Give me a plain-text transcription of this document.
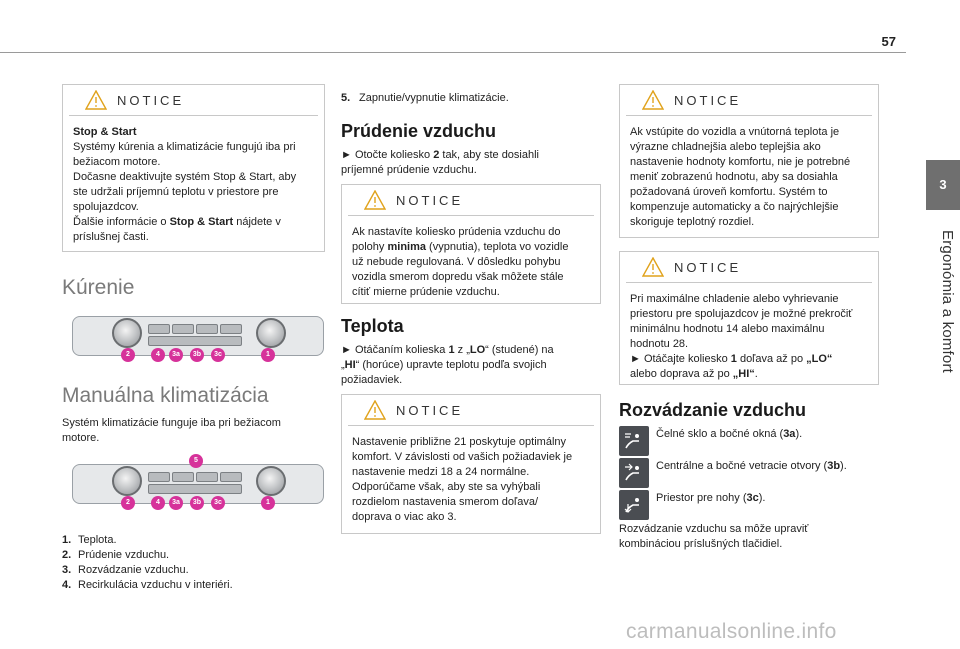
57
3
Ergonómia a komfort
NOTICE
Stop & Start
Systémy kúrenia a klimatizácie fungujú iba pri
bežiacom motore.
Dočasne deaktivujte systém Stop & Start, aby
ste udržali príjemnú teplotu v priestore pre
spolujazdcov.
Ďalšie informácie o Stop & Start nájdete v
príslušnej časti.
Kúrenie
2	4	3a	3b	3c	1
Manuálna klimatizácia
Systém klimatizácie funguje iba pri bežiacom
motore.
5
2	4	3a	3b	3c	1
1. Teplota.
2. Prúdenie vzduchu.
3. Rozvádzanie vzduchu.
4. Recirkulácia vzduchu v interiéri.
5. Zapnutie/vypnutie klimatizácie.
Prúdenie vzduchu
► Otočte koliesko 2 tak, aby ste dosiahli
príjemné prúdenie vzduchu.
NOTICE
Ak nastavíte koliesko prúdenia vzduchu do
polohy minima (vypnutia), teplota vo vozidle
už nebude regulovaná. V dôsledku pohybu
vozidla smerom dopredu však môžete stále
cítiť mierne prúdenie vzduchu.
Teplota
► Otáčaním kolieska 1 z „LO“ (studené) na
„HI“ (horúce) upravte teplotu podľa svojich
požiadaviek.
NOTICE
Nastavenie približne 21 poskytuje optimálny
komfort. V závislosti od vašich požiadaviek je
nastavenie medzi 18 a 24 normálne.
Odporúčame však, aby ste sa vyhýbali
rozdielom nastavenia smerom doľava/
doprava o viac ako 3.
NOTICE
Ak vstúpite do vozidla a vnútorná teplota je
výrazne chladnejšia alebo teplejšia ako
nastavenie hodnoty komfortu, nie je potrebné
meniť zobrazenú hodnotu, aby sa dosiahla
požadovaná úroveň komfortu. Systém to
kompenzuje automaticky a čo najrýchlejšie
skoriguje teplotný rozdiel.
NOTICE
Pri maximálne chladenie alebo vyhrievanie
priestoru pre spolujazdcov je možné prekročiť
minimálnu hodnotu 14 alebo maximálnu
hodnotu 28.
► Otáčajte koliesko 1 doľava až po „LO“
alebo doprava až po „HI“.
Rozvádzanie vzduchu
Čelné sklo a bočné okná (3a).
Centrálne a bočné vetracie otvory (3b).
Priestor pre nohy (3c).
Rozvádzanie vzduchu sa môže upraviť
kombináciou príslušných tlačidiel.
carmanualsonline.info
